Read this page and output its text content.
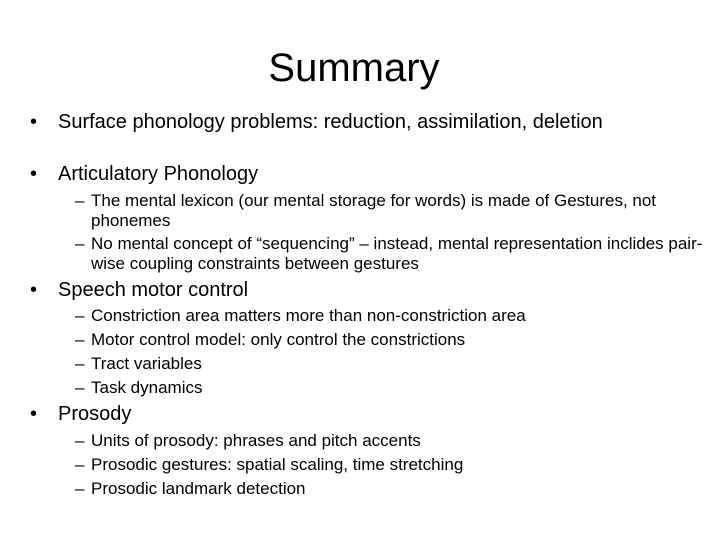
Summary
• Surface phonology problems: reduction, assimilation, deletion
• Articulatory Phonology
– The mental lexicon (our mental storage for words) is made of Gestures, not phonemes
– No mental concept of “sequencing” – instead, mental representation inclides pair-wise coupling constraints between gestures
• Speech motor control
– Constriction area matters more than non-constriction area
– Motor control model: only control the constrictions
– Tract variables
– Task dynamics
• Prosody
– Units of prosody: phrases and pitch accents
– Prosodic gestures: spatial scaling, time stretching
– Prosodic landmark detection
